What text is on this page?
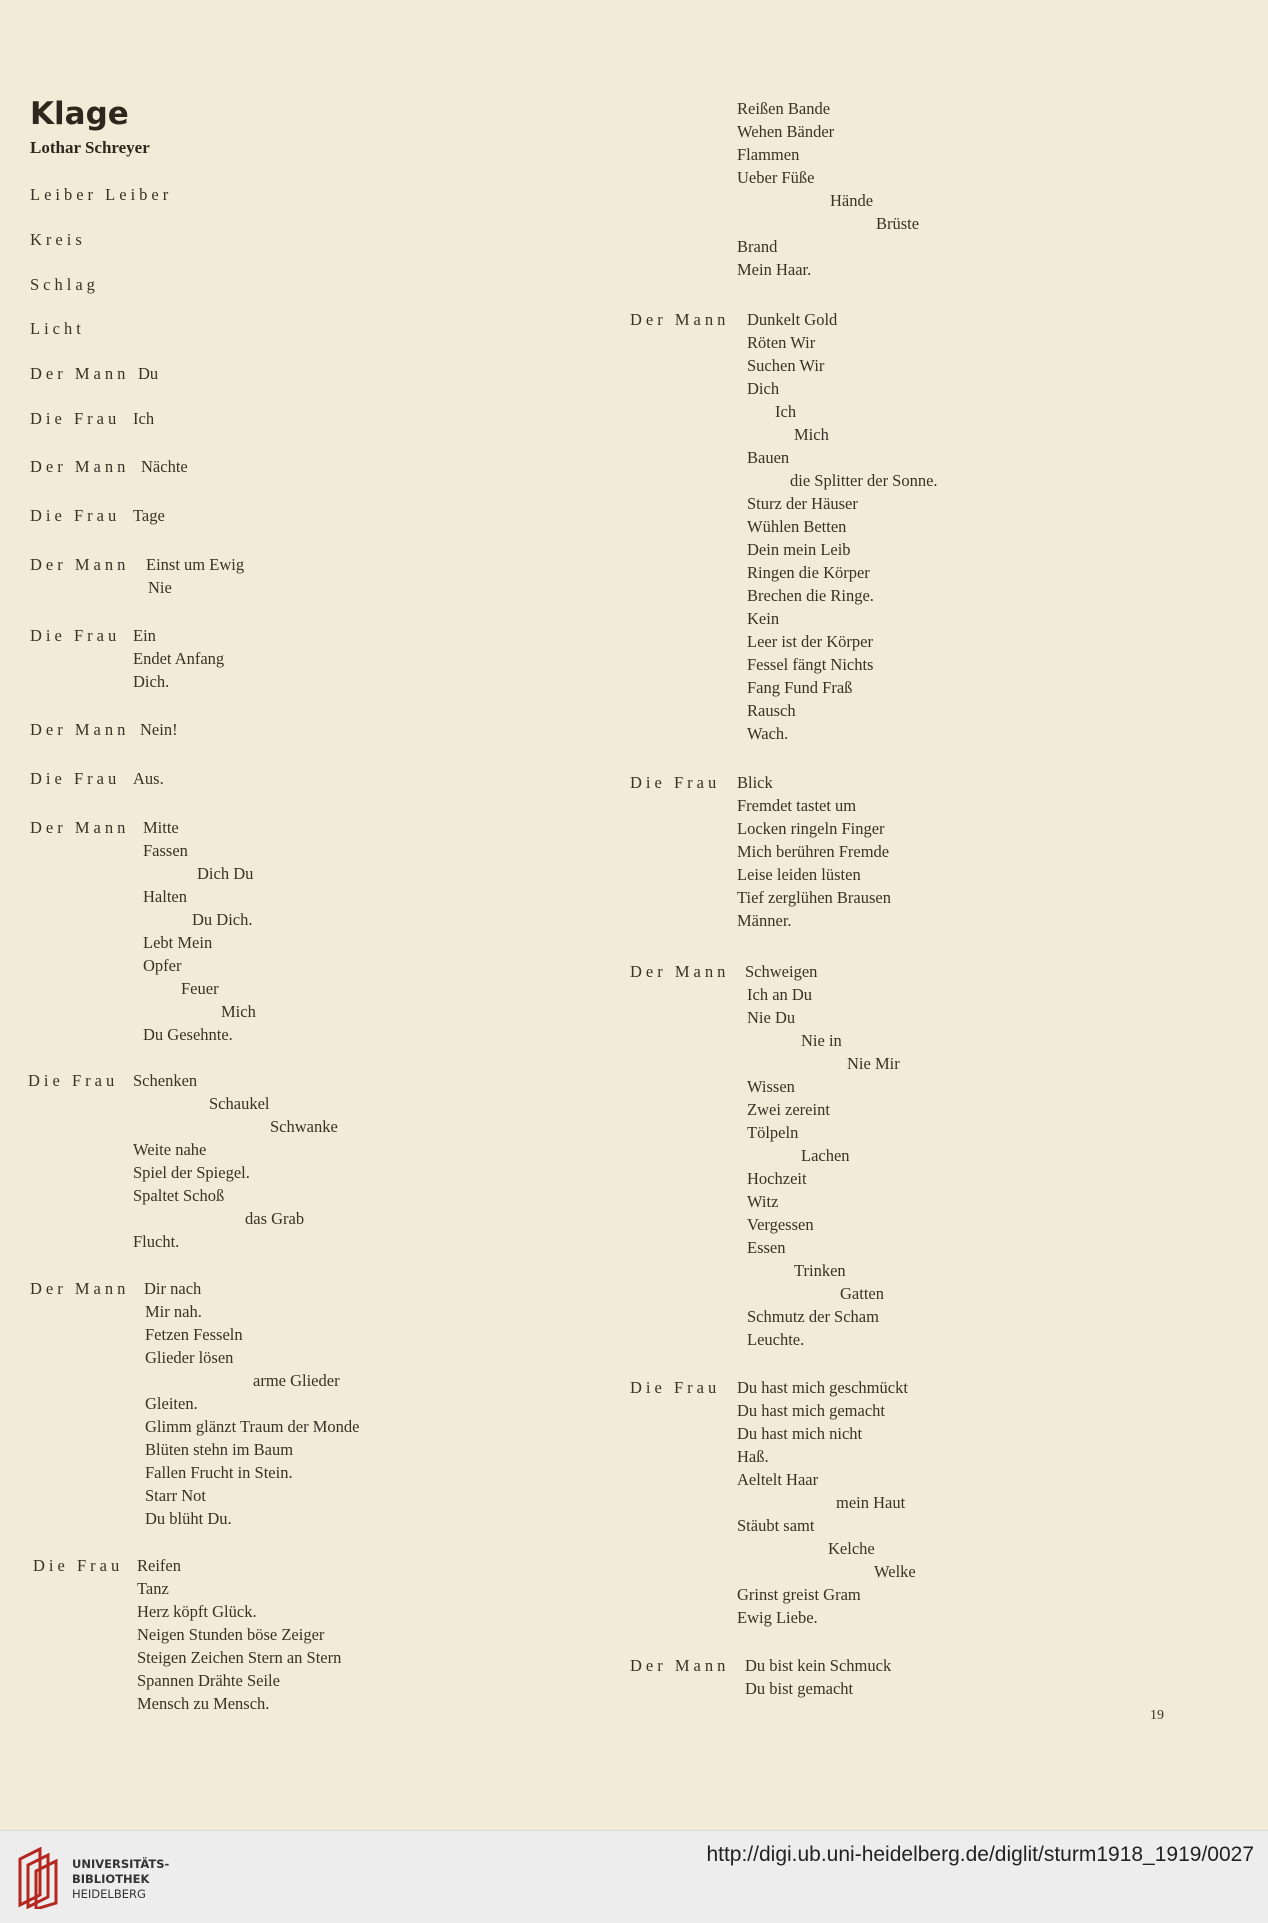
Klage
Lothar Schreyer
Leiber Leiber
Kreis
Schlag
Licht
Der Mann Du
Die Frau Ich
Der Mann Nächte
Die Frau Tage
Der Mann Einst um Ewig
Nie
Die Frau Ein
Endet Anfang
Dich.
Der Mann Nein!
Die Frau Aus.
Der Mann Mitte
Fassen
Dich Du
Halten
Du Dich.
Lebt Mein
Opfer
Feuer
Mich
Du Gesehnte.
Die Frau Schenken
Schaukel
Schwanke
Weite nahe
Spiel der Spiegel.
Spaltet Schoß
das Grab
Flucht.
Der Mann Dir nach
Mir nah.
Fetzen Fesseln
Glieder lösen
arme Glieder
Gleiten.
Glimm glänzt Traum der Monde
Blüten stehn im Baum
Fallen Frucht in Stein.
Starr Not
Du blüht Du.
Die Frau Reifen
Tanz
Herz köpft Glück.
Neigen Stunden böse Zeiger
Steigen Zeichen Stern an Stern
Spannen Drähte Seile
Mensch zu Mensch.
Reißen Bande
Wehen Bänder
Flammen
Ueber Füße
Hände
Brüste
Brand
Mein Haar.
Der Mann Dunkelt Gold
Röten Wir
Suchen Wir
Dich
Ich
Mich
Bauen
die Splitter der Sonne.
Sturz der Häuser
Wühlen Betten
Dein mein Leib
Ringen die Körper
Brechen die Ringe.
Kein
Leer ist der Körper
Fessel fängt Nichts
Fang Fund Fraß
Rausch
Wach.
Die Frau Blick
Fremdet tastet um
Locken ringeln Finger
Mich berühren Fremde
Leise leiden lüsten
Tief zerglühen Brausen
Männer.
Der Mann Schweigen
Ich an Du
Nie Du
Nie in
Nie Mir
Wissen
Zwei zereint
Tölpeln
Lachen
Hochzeit
Witz
Vergessen
Essen
Trinken
Gatten
Schmutz der Scham
Leuchte.
Die Frau Du hast mich geschmückt
Du hast mich gemacht
Du hast mich nicht
Haß.
Aeltelt Haar
mein Haut
Stäubt samt
Kelche
Welke
Grinst greist Gram
Ewig Liebe.
Der Mann Du bist kein Schmuck
Du bist gemacht
19
UNIVERSITÄTS-
BIBLIOTHEK
HEIDELBERG
http://digi.ub.uni-heidelberg.de/diglit/sturm1918_1919/0027
